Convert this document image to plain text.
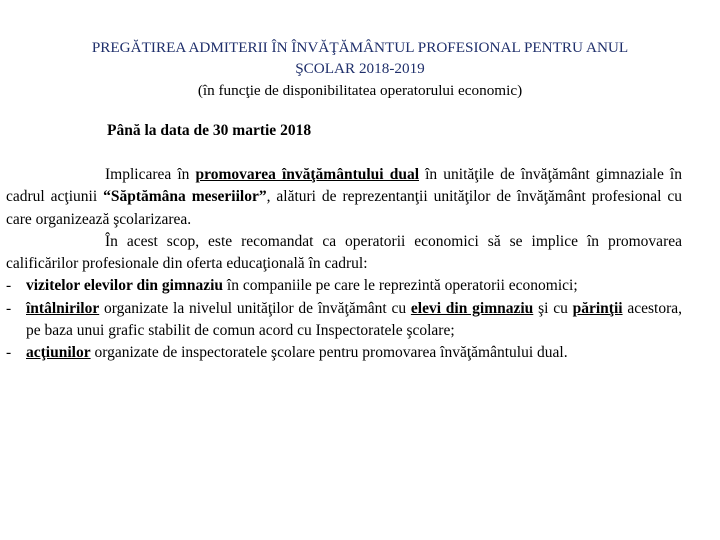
PREGĂTIREA ADMITERII ÎN ÎNVĂŢĂMÂNTUL PROFESIONAL PENTRU ANUL
ŞCOLAR 2018-2019
(în funcţie de disponibilitatea operatorului economic)
Până la data de 30 martie 2018
Implicarea în promovarea învăţământului dual în unităţile de învăţământ gimnaziale în cadrul acţiunii “Săptămâna meseriilor”, alături de reprezentanţii unităţilor de învăţământ profesional cu care organizează şcolarizarea.
În acest scop, este recomandat ca operatorii economici să se implice în promovarea calificărilor profesionale din oferta educaţională în cadrul:
- vizitelor elevilor din gimnaziu în companiile pe care le reprezintă operatorii economici;
- întâlnirilor organizate la nivelul unităţilor de învăţământ cu elevi din gimnaziu şi cu părinţii acestora, pe baza unui grafic stabilit de comun acord cu Inspectoratele şcolare;
- acţiunilor organizate de inspectoratele şcolare pentru promovarea învăţământului dual.
